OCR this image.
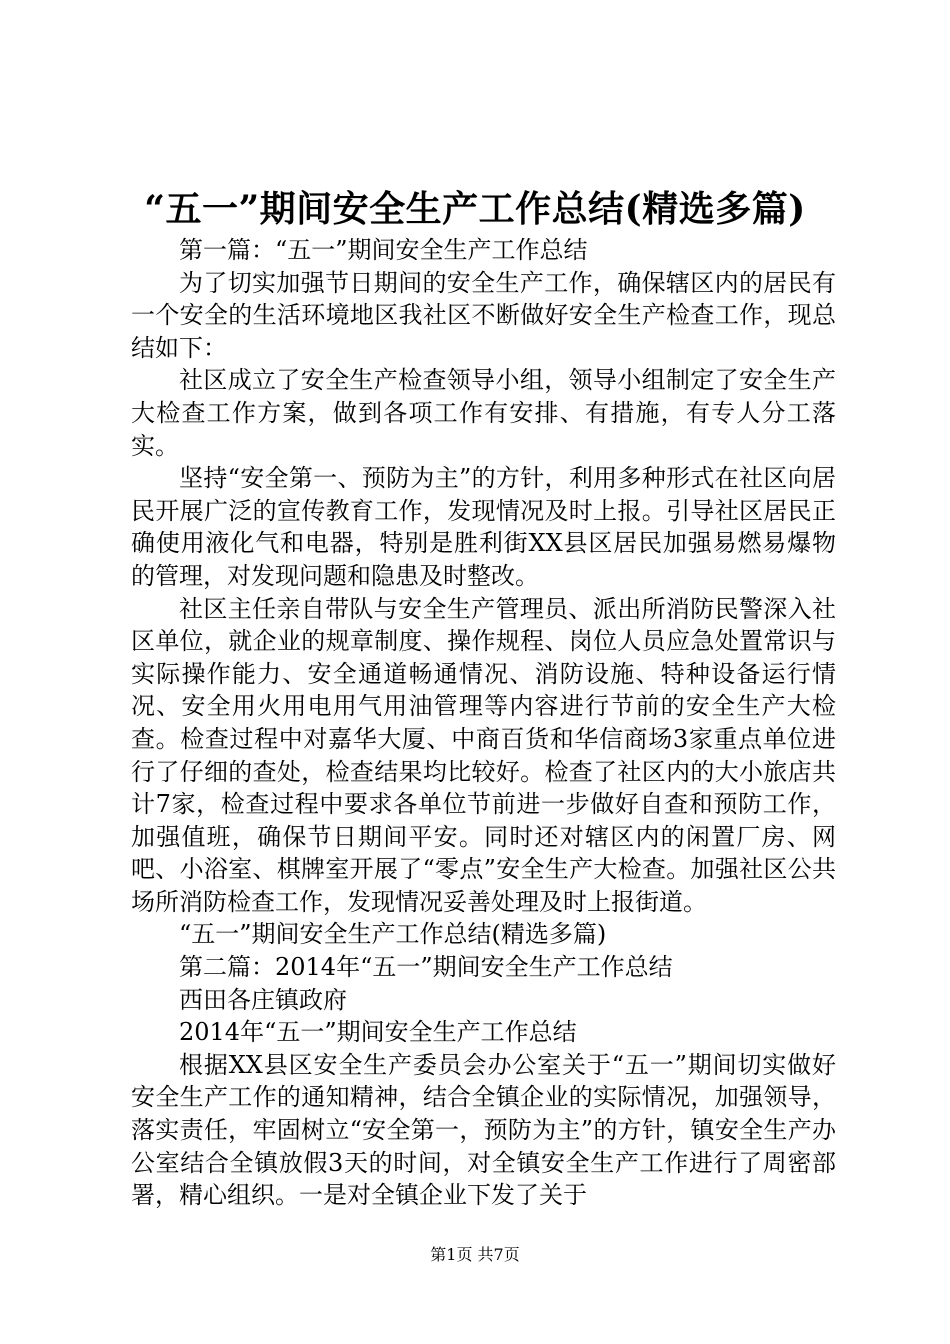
“五一”期间安全生产工作总结(精选多篇)

第一篇：“五一”期间安全生产工作总结

为了切实加强节日期间的安全生产工作，确保辖区内的居民有一个安全的生活环境地区我社区不断做好安全生产检查工作，现总结如下：

社区成立了安全生产检查领导小组，领导小组制定了安全生产大检查工作方案，做到各项工作有安排、有措施，有专人分工落实。

坚持“安全第一、预防为主”的方针，利用多种形式在社区向居民开展广泛的宣传教育工作，发现情况及时上报。引导社区居民正确使用液化气和电器，特别是胜利街XX县区居民加强易燃易爆物的管理，对发现问题和隐患及时整改。

社区主任亲自带队与安全生产管理员、派出所消防民警深入社区单位，就企业的规章制度、操作规程、岗位人员应急处置常识与实际操作能力、安全通道畅通情况、消防设施、特种设备运行情况、安全用火用电用气用油管理等内容进行节前的安全生产大检查。检查过程中对嘉华大厦、中商百货和华信商场3家重点单位进行了仔细的查处，检查结果均比较好。检查了社区内的大小旅店共计7家，检查过程中要求各单位节前进一步做好自查和预防工作，加强值班，确保节日期间平安。同时还对辖区内的闲置厂房、网吧、小浴室、棋牌室开展了“零点”安全生产大检查。加强社区公共场所消防检查工作，发现情况妥善处理及时上报街道。

“五一”期间安全生产工作总结(精选多篇)

第二篇：2014年“五一”期间安全生产工作总结

西田各庄镇政府

2014年“五一”期间安全生产工作总结

根据XX县区安全生产委员会办公室关于“五一”期间切实做好安全生产工作的通知精神，结合全镇企业的实际情况，加强领导，落实责任，牢固树立“安全第一，预防为主”的方针，镇安全生产办公室结合全镇放假3天的时间，对全镇安全生产工作进行了周密部署，精心组织。一是对全镇企业下发了关于

第1页 共7页
